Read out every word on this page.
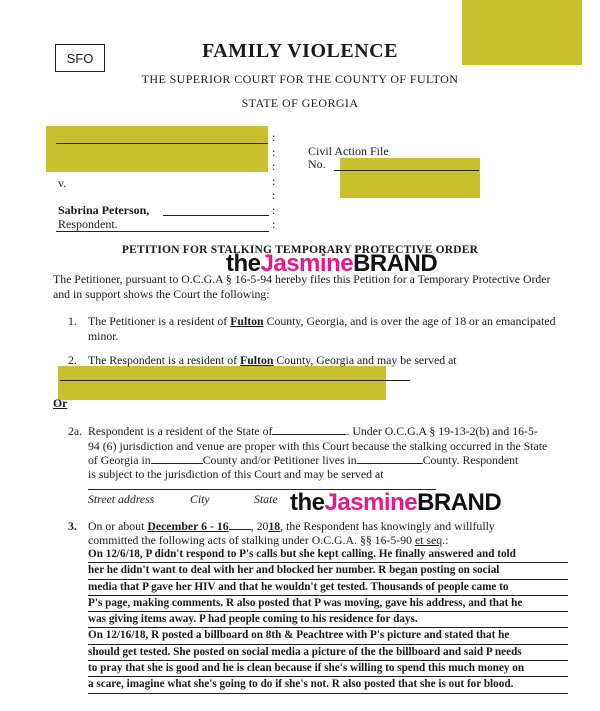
SFO	FAMILY VIOLENCE
THE SUPERIOR COURT FOR THE COUNTY OF FULTON
STATE OF GEORGIA
:
:
:
:
:
:
:
Civil Action File
No.
v.
Sabrina Peterson,
Respondent.
PETITION FOR STALKING TEMPORARY PROTECTIVE ORDER
theJasmineBRAND
The Petitioner, pursuant to O.C.G.A § 16-5-94 hereby files this Petition for a Temporary Protective Order
and in support shows the Court the following:
1. The Petitioner is a resident of Fulton County, Georgia, and is over the age of 18 or an emancipated
minor.
2. The Respondent is a resident of Fulton County, Georgia and may be served at
Or
2a. Respondent is a resident of the State of	. Under O.C.G.A § 19-13-2(b) and 16-5-
94 (6) jurisdiction and venue are proper with this Court because the stalking occurred in the State
of Georgia in	County and/or Petitioner lives in	County. Respondent
is subject to the jurisdiction of this Court and may be served at
Street address	City	State theJasmineBRAND
3. On or about December 6 - 16 , 2018, the Respondent has knowingly and willfully
committed the following acts of stalking under O.C.G.A. §§ 16-5-90 et seq.:

On 12/6/18, P didn't respond to P's calls but she kept calling. He finally answered and told

her he didn't want to deal with her and blocked her number. R began posting on social

media that P gave her HIV and that he wouldn't get tested. Thousands of people came to

P's page, making comments. R also posted that P was moving, gave his address, and that he

was giving items away. P had people coming to his residence for days.

On 12/16/18, R posted a billboard on 8th & Peachtree with P's picture and stated that he

should get tested. She posted on social media a picture of the the billboard and said P needs

to pray that she is good and he is clean because if she's willing to spend this much money on

a scare, imagine what she's going to do if she's not. R also posted that she is out for blood.
